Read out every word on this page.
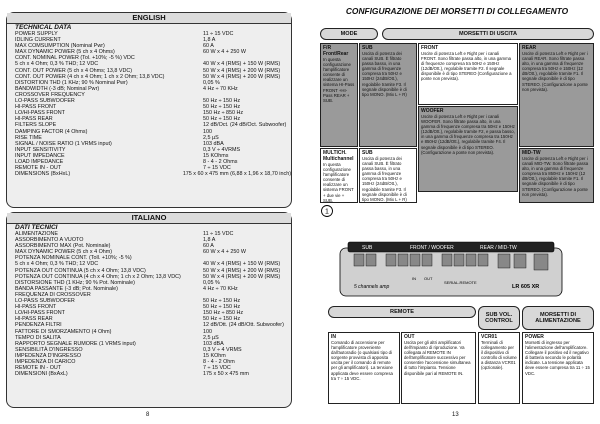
ENGLISH
TECHNICAL DATA
POWER SUPPLY	11 ÷ 15 VDC
IDLING CURRENT	1,8 A
MAX COMSUMPTION (Nominal Pwr)	60 A
MAX DYNAMIC POWER (5 ch x 4 Ohms)	60 W x 4 + 250 W
CONT. NOMINAL POWER (Tol. +10%; -5 %) VDC
5 ch x 4 Ohm; 0,3 % THD; 12 VDC	40 W x 4 (RMS) + 150 W (RMS)
CONT. OUT POWER (5 ch x 4 Ohms; 13,8 VDC)	50 W x 4 (RMS) + 200 W (RMS)
CONT. OUT POWER (4 ch x 4 Ohm; 1 ch x 2 Ohm; 13,8 VDC)	50 W x 4 (RMS) + 200 W (RMS)
DISTORTION THD (1 KHz; 90 % Nominal Pwr)	0,05 %
BANDWIDTH (-3 dB; Nominal Pwr)	4 Hz ÷ 70 KHz
CROSSOVER FREQUENCY
LO-PASS SUBWOOFER	50 Hz ÷ 150 Hz
HI-PASS FRONT	50 Hz ÷ 150 Hz
LO/HI-PASS FRONT	150 Hz ÷ 850 Hz
HI-PASS REAR	50 Hz ÷ 150 Hz
FILTERS SLOPE	12 dB/Oct. (24 dB/Oct. Subwoofer)
DAMPING FACTOR (4 Ohms)	100
RISE TIME	2,5 µS
SIGNAL / NOISE RATIO (1 VRMS input)	103 dBA
INPUT SENSITIVITY	0,3 V ÷ 4VRMS
INPUT IMPEDANCE	15 KOhms
LOAD IMPEDANCE	8 - 4 - 2 Ohms
REMOTE IN - OUT	7 ÷ 15 VDC
DIMENSIONS (BxHxL)	175 x 60 x 475 mm (6,88 x 1,96 x 18,70 inch)
ITALIANO
DATI TECNICI
ALIMENTAZIONE	11 ÷ 15 VDC
ASSORBIMENTO A VUOTO	1,8 A
ASSORBIMENTO MAX (Pot. Nominale)	60 A
MAX DYNAMIC POWER (5 ch x 4 Ohm)	60 W x 4 + 250 W
POTENZA NOMINALE CONT. (Toll. +10%; -5 %)
5 ch x 4 Ohm; 0,3 % THD; 12 VDC	40 W x 4 (RMS) + 150 W (RMS)
POTENZA OUT CONTINUA (5 ch x 4 Ohm; 13,8 VDC)	50 W x 4 (RMS) + 200 W (RMS)
POTENZA OUT CONTINUA (4 ch x 4 Ohm; 1 ch x 2 Ohm; 13,8 VDC)	50 W x 4 (RMS) + 200 W (RMS)
DISTORSIONE THD (1 KHz; 90 % Pot. Nominale)	0,05 %
BANDA PASSANTE (-3 dB; Pot. Nominale)	4 Hz ÷ 70 KHz
FREQUENZA DI CROSSOVER
LO-PASS SUBWOOFER	50 Hz ÷ 150 Hz
HI-PASS FRONT	50 Hz ÷ 150 Hz
LO/HI-PASS FRONT	150 Hz ÷ 850 Hz
HI-PASS REAR	50 Hz ÷ 150 Hz
PENDENZA FILTRI	12 dB/Ott. (24 dB/Ott. Subwoofer)
FATTORE DI SMORZAMENTO (4 Ohm)	100
TEMPO DI SALITA	2,5 µS
RAPPORTO SEGNALE RUMORE (1 VRMS input)	103 dBA
SENSIBILITÀ D'INGRESSO	0,3 V ÷ 4 VRMS
IMPEDENZA D'INGRESSO	15 KOhm
IMPEDENZA DI CARICO	8 - 4 - 2 Ohm
REMOTE IN - OUT	7 ÷ 15 VDC
DIMENSIONI (BxAxL)	175 x 50 x 475 mm
8
CONFIGURAZIONE DEI MORSETTI DI COLLEGAMENTO
MODE	MORSETTI DI USCITA
F/R Front/Rear
In questa configurazione l'amplificatore consente di realizzare un sistema HI-Pass FRONT +HI-Pass REAR + SUB.
SUB
Uscita di potenza dei canali SUB. È filtrato passa basso, in una gamma di frequenze compresa tra 50Hz e 150Hz (24dB/Ott.), regolabile tramite F3. Il segnale disponibile è di tipo MONO. (Mix L + R)
FRONT
Uscite di potenza Left e Right per i canali FRONT. Sono filtrate passa alto, in una gamma di frequenze compresa tra 50Hz e 150Hz (12dB/Ott.), regolabile tramite F2. Il segnale disponibile è di tipo STEREO (Configurazione a ponte non prevista).
REAR
Uscite di potenza Left e Right per i canali REAR. Sono filtrate passa alto, in una gamma di frequenze compresa tra 50Hz e 150Hz (12 dB/Ott.), regolabile tramite F1. Il segnale disponibile è di tipo STEREO. (Configurazione a ponte non prevista).
WOOFER
Uscite di potenza Left e Right per i canali WOOFER. Sono filtrate passa alto, in una gamma di frequenze compresa tra 50Hz e 150Hz (12dB/Ott.), regolabile tramite F2, e passa basso, in una gamma di frequenze compresa tra 150Hz e 850Hz (12dB/Ott.), regolabile tramite F4. Il segnale disponibile è di tipo STEREO. (Configurazione a ponte non prevista).
MULTICH. Multichannel
In questa configurazione l'amplificatore consente di realizzare un sistema FRONT + due vie + SUB.
SUB
Uscita di potenza dei canali SUB. È filtrato passa basso, in una gamma di frequenze compresa tra 50Hz e 150Hz (24dB/Ott.), regolabile tramite F3. Il segnale disponibile è di tipo MONO. (Mix L + R)
MID-TW
Uscite di potenza Left e Right per i canali MID-TW. Sono filtrate passa alto, in una gamma di frequenze compresa tra 850Hz e 150Hz (12 dB/Ott.), regolabile tramite F1. Il segnale disponibile è di tipo STEREO. (Configurazione a ponte non prevista).
1
SUB	FRONT / WOOFER	REAR / MID-TW
5 channels amp
IN OUT
SERIAL-REMOTE
LR 605 XR
REMOTE	SUB VOL. CONTROL
MORSETTI DI ALIMENTAZIONE
IN
Comando di accensione per l'amplificatore proveniente dall'autoradio (o qualsiasi tipo di sorgente provvista di apposita uscita per il comando di remote per gli amplificatori). La tensione applicata deve essere compresa tra 7 ÷ 15 VDC.
OUT
Uscita per gli altri amplificatori dell'impianto di riproduzione. Va collegata al REMOTE IN dell'amplificatore successivo per consentire l'accensione simultanea di tutto l'impianto. Tensione disponibile pari al REMOTE IN.
VCR01
Terminali di collegamento per il dispositivo di controllo di volume a distanza VCR01 (opzionale).
POWER
Morsetti di ingresso per l'alimentazione dell'amplificatore. Collegare il positivo ed il negativo di batteria secondo le polarità indicate. La tensione applicata deve essere compresa tra 11 ÷ 15 VDC.
13
